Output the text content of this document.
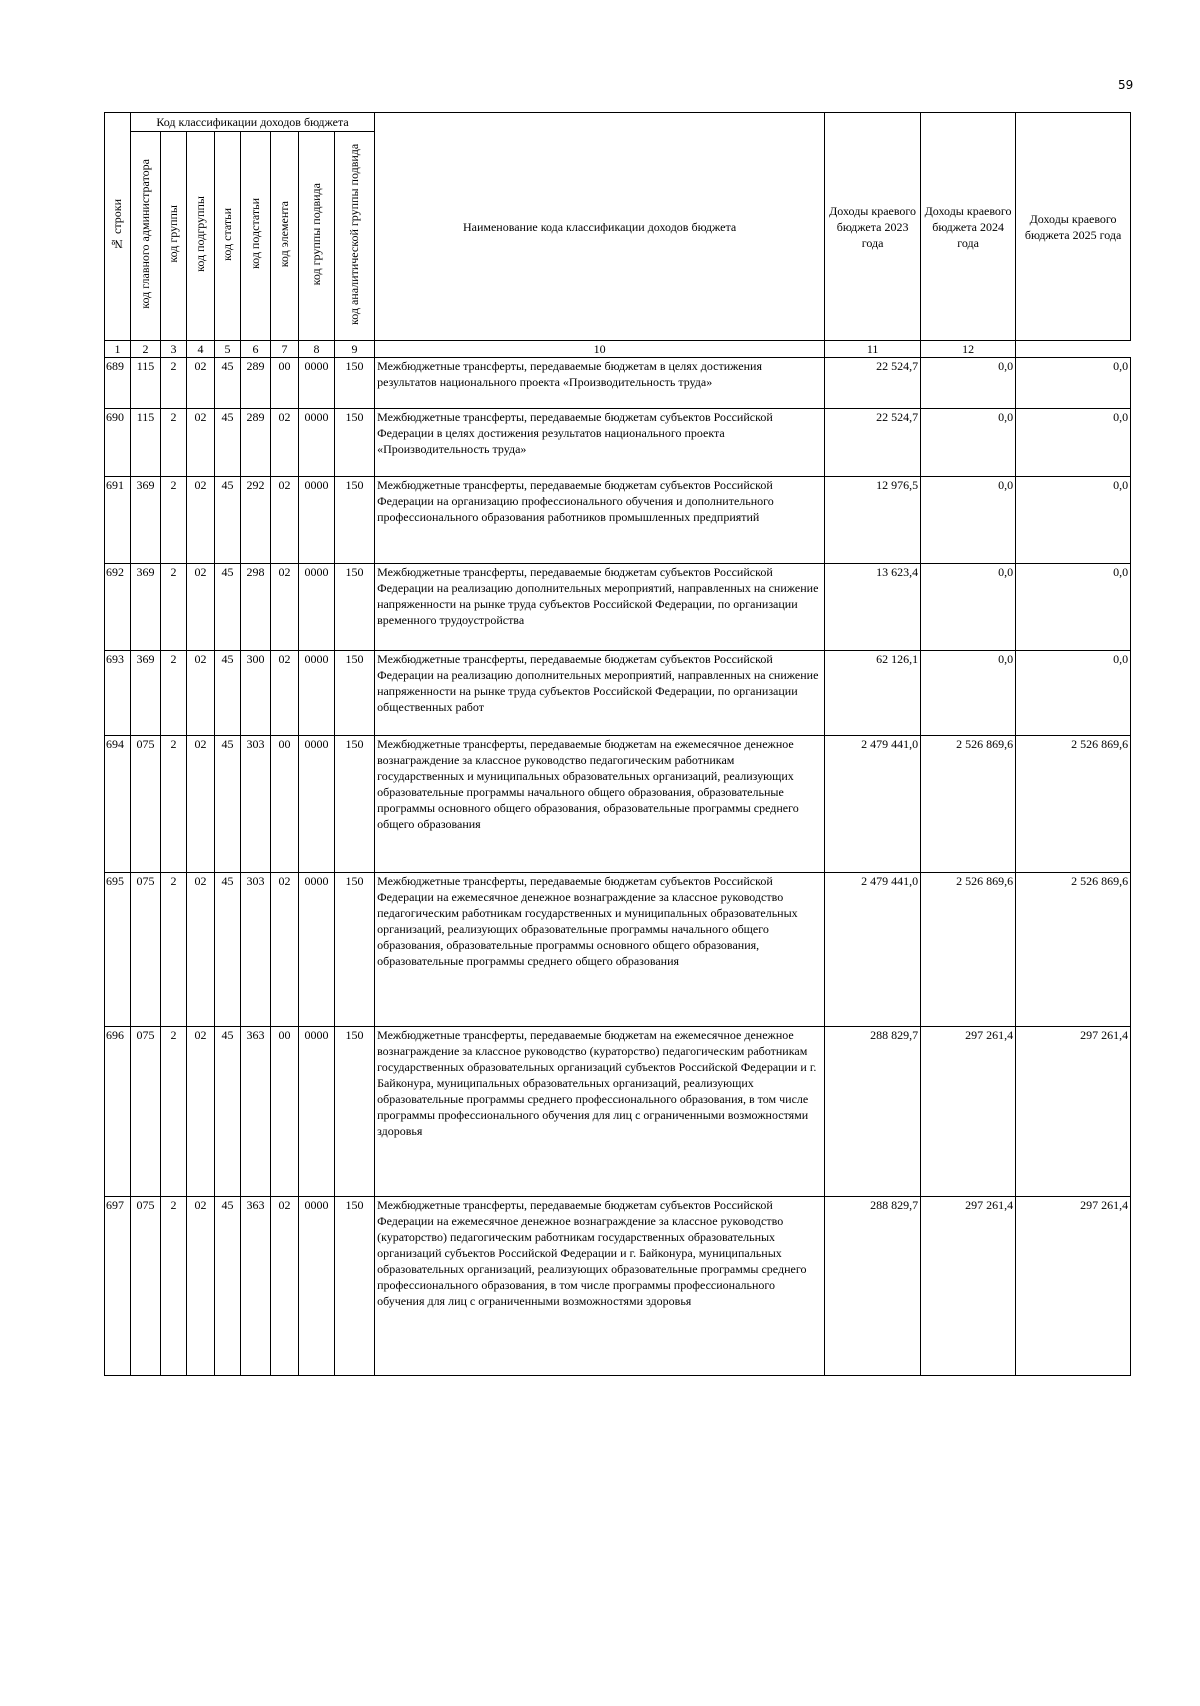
59
№ строки	Код классификации доходов бюджета								Наименование кода классификации доходов бюджета	Доходы краевого бюджета 2023 года	Доходы краевого бюджета 2024 года	Доходы краевого бюджета 2025 года
	код главного администратора	код группы	код подгруппы	код статьи	код подстатьи	код элемента	код группы подвида	код аналитической группы подвида				
1	2	3	4	5	6	7	8	9	10	11	12	
689	115	2	02	45	289	00	0000	150	Межбюджетные трансферты, передаваемые бюджетам в целях достижения результатов национального проекта «Производительность труда»	22 524,7	0,0	0,0
690	115	2	02	45	289	02	0000	150	Межбюджетные трансферты, передаваемые бюджетам субъектов Российской Федерации в целях достижения результатов национального проекта «Производительность труда»	22 524,7	0,0	0,0
691	369	2	02	45	292	02	0000	150	Межбюджетные трансферты, передаваемые бюджетам субъектов Российской Федерации на организацию профессионального обучения и дополнительного профессионального образования работников промышленных предприятий	12 976,5	0,0	0,0
692	369	2	02	45	298	02	0000	150	Межбюджетные трансферты, передаваемые бюджетам субъектов Российской Федерации на реализацию дополнительных мероприятий, направленных на снижение напряженности на рынке труда субъектов Российской Федерации, по организации временного трудоустройства	13 623,4	0,0	0,0
693	369	2	02	45	300	02	0000	150	Межбюджетные трансферты, передаваемые бюджетам субъектов Российской Федерации на реализацию дополнительных мероприятий, направленных на снижение напряженности на рынке труда субъектов Российской Федерации, по организации общественных работ	62 126,1	0,0	0,0
694	075	2	02	45	303	00	0000	150	Межбюджетные трансферты, передаваемые бюджетам на ежемесячное денежное вознаграждение за классное руководство педагогическим работникам государственных и муниципальных образовательных организаций, реализующих образовательные программы начального общего образования, образовательные программы основного общего образования, образовательные программы среднего общего образования	2 479 441,0	2 526 869,6	2 526 869,6
695	075	2	02	45	303	02	0000	150	Межбюджетные трансферты, передаваемые бюджетам субъектов Российской Федерации на ежемесячное денежное вознаграждение за классное руководство педагогическим работникам государственных и муниципальных образовательных организаций, реализующих образовательные программы начального общего образования, образовательные программы основного общего образования, образовательные программы среднего общего образования	2 479 441,0	2 526 869,6	2 526 869,6
696	075	2	02	45	363	00	0000	150	Межбюджетные трансферты, передаваемые бюджетам на ежемесячное денежное вознаграждение за классное руководство (кураторство) педагогическим работникам государственных образовательных организаций субъектов Российской Федерации и г. Байконура, муниципальных образовательных организаций, реализующих образовательные программы среднего профессионального образования, в том числе программы профессионального обучения для лиц с ограниченными возможностями здоровья	288 829,7	297 261,4	297 261,4
697	075	2	02	45	363	02	0000	150	Межбюджетные трансферты, передаваемые бюджетам субъектов Российской Федерации на ежемесячное денежное вознаграждение за классное руководство (кураторство) педагогическим работникам государственных образовательных организаций субъектов Российской Федерации и г. Байконура, муниципальных образовательных организаций, реализующих образовательные программы среднего профессионального образования, в том числе программы профессионального обучения для лиц с ограниченными возможностями здоровья	288 829,7	297 261,4	297 261,4
